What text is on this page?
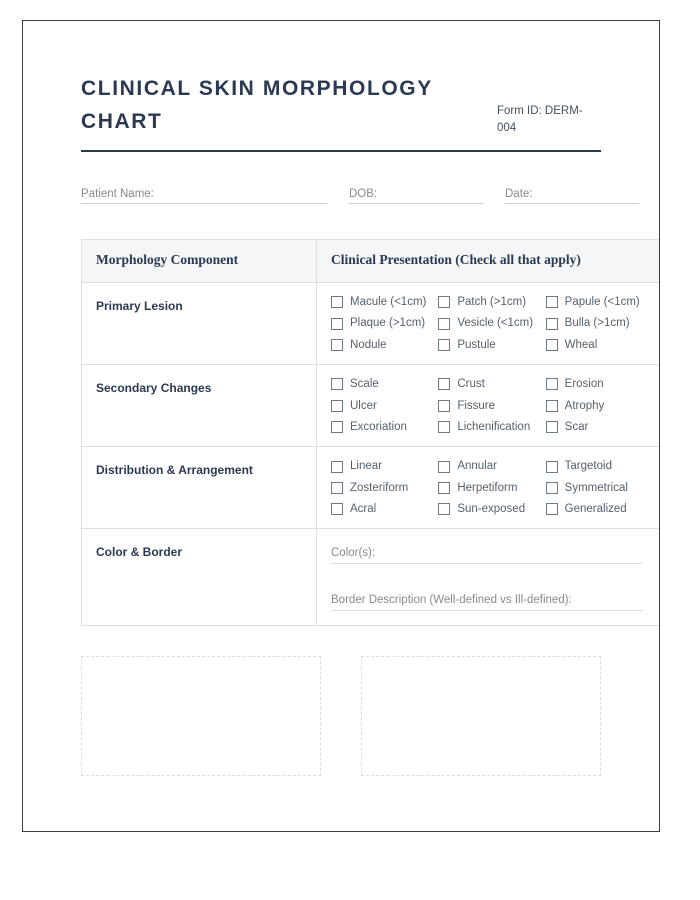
CLINICAL SKIN MORPHOLOGY CHART	Form ID: DERM-004
Patient Name:	DOB:	Date:
Morphology Component	Clinical Presentation (Check all that apply)
Primary Lesion	Macule (<1cm)	Patch (>1cm)	Papule (<1cm)
Plaque (>1cm)	Vesicle (<1cm)	Bulla (>1cm)
Nodule	Pustule	Wheal

Secondary Changes	Scale	Crust	Erosion
Ulcer	Fissure	Atrophy
Excoriation	Lichenification	Scar

Distribution & Arrangement	Linear	Annular	Targetoid
Zosteriform	Herpetiform	Symmetrical
Acral	Sun-exposed	Generalized

Color & Border	Color(s):
Border Description (Well-defined vs Ill-defined):
